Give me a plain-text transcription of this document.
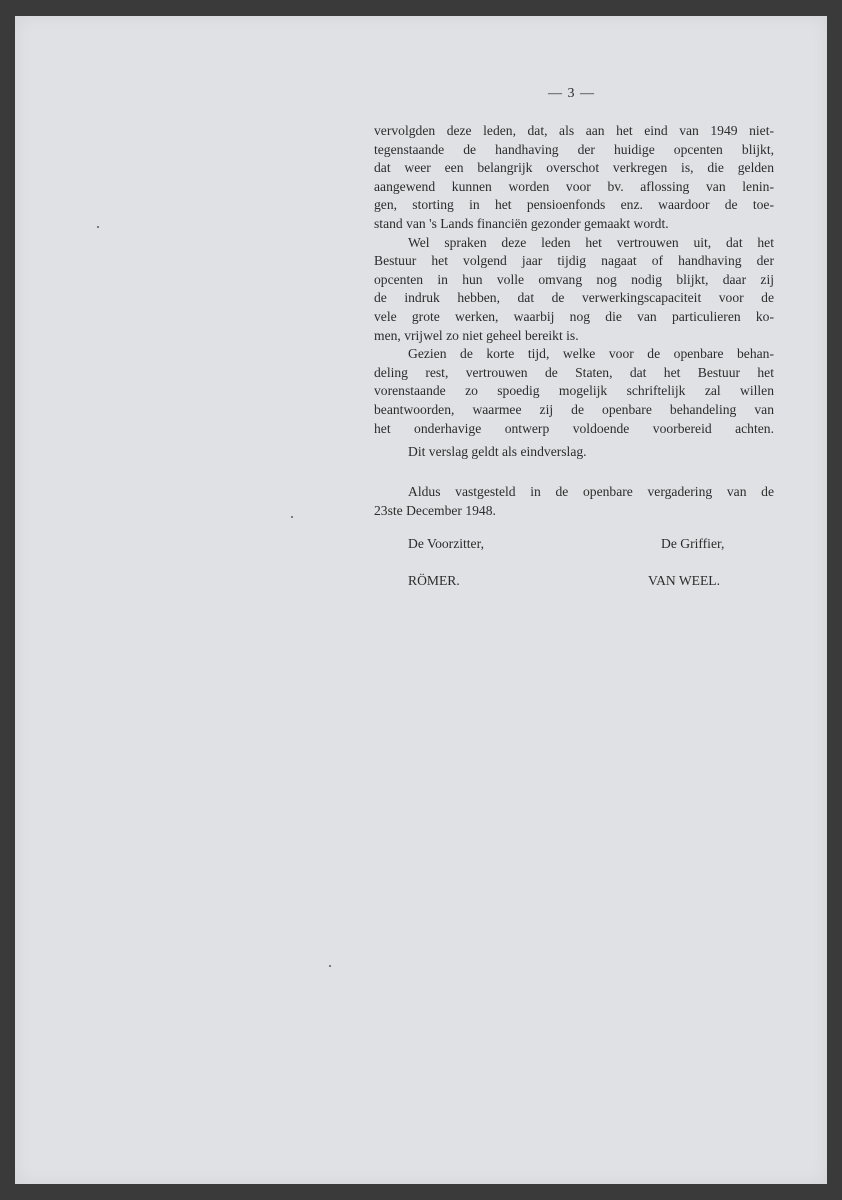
— 3 —

vervolgden deze leden, dat, als aan het eind van 1949 niet-
tegenstaande de handhaving der huidige opcenten blijkt,
dat weer een belangrijk overschot verkregen is, die gelden
aangewend kunnen worden voor bv. aflossing van lenin-
gen, storting in het pensioenfonds enz. waardoor de toe-
stand van 's Lands financiën gezonder gemaakt wordt.

Wel spraken deze leden het vertrouwen uit, dat het
Bestuur het volgend jaar tijdig nagaat of handhaving der
opcenten in hun volle omvang nog nodig blijkt, daar zij
de indruk hebben, dat de verwerkingscapaciteit voor de
vele grote werken, waarbij nog die van particulieren ko-
men, vrijwel zo niet geheel bereikt is.

Gezien de korte tijd, welke voor de openbare behan-
deling rest, vertrouwen de Staten, dat het Bestuur het
vorenstaande zo spoedig mogelijk schriftelijk zal willen
beantwoorden, waarmee zij de openbare behandeling van
het onderhavige ontwerp voldoende voorbereid achten.

Dit verslag geldt als eindverslag.
Aldus vastgesteld in de openbare vergadering van de
23ste December 1948.
De Voorzitter,	De Griffier,
RÖMER.	VAN WEEL.
